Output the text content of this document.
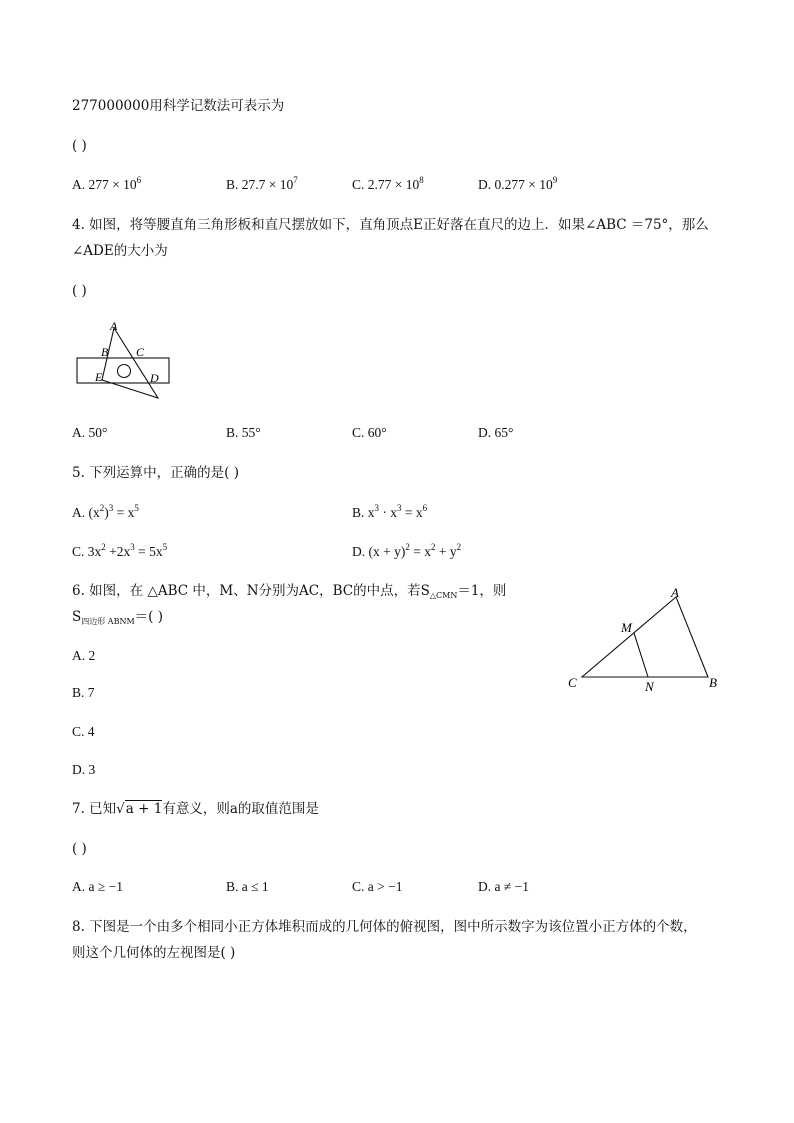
277000000用科学记数法可表示为
( )
A. $277 \times 10^6$	B. $27.7 \times 10^7$	C. $2.77 \times 10^8$	D. $0.277 \times 10^9$
4. 如图，将等腰直角三角形板和直尺摆放如下，直角顶点E正好落在直尺的边上．如果∠ABC ＝75°，那么
∠ADE的大小为
( )
A
B C
E	D
A. 50°	B. 55°	C. 60°	D. 65°
5. 下列运算中，正确的是( )
A. $(x^2)^3 = x^5$	B. $x^3 \cdot x^3 = x^6$
C. $3x^2 +2x^3 = 5x^5$	D. $(x + y)^2 = x^2 + y^2$
6. 如图，在 △ABC 中，M、N分别为AC，BC的中点，若$S_{\triangle CMN}=1$，则
$S_{四边形 ABNM}=$( )
A. 2
B. 7
C. 4
D. 3
A
M
C	N	B
7. 已知√a + 1有意义，则a的取值范围是
( )
A. a ≥ −1	B. a ≤ 1	C. a > −1	D. a ≠ −1
8. 下图是一个由多个相同小正方体堆积而成的几何体的俯视图，图中所示数字为该位置小正方体的个数，
则这个几何体的左视图是( )
